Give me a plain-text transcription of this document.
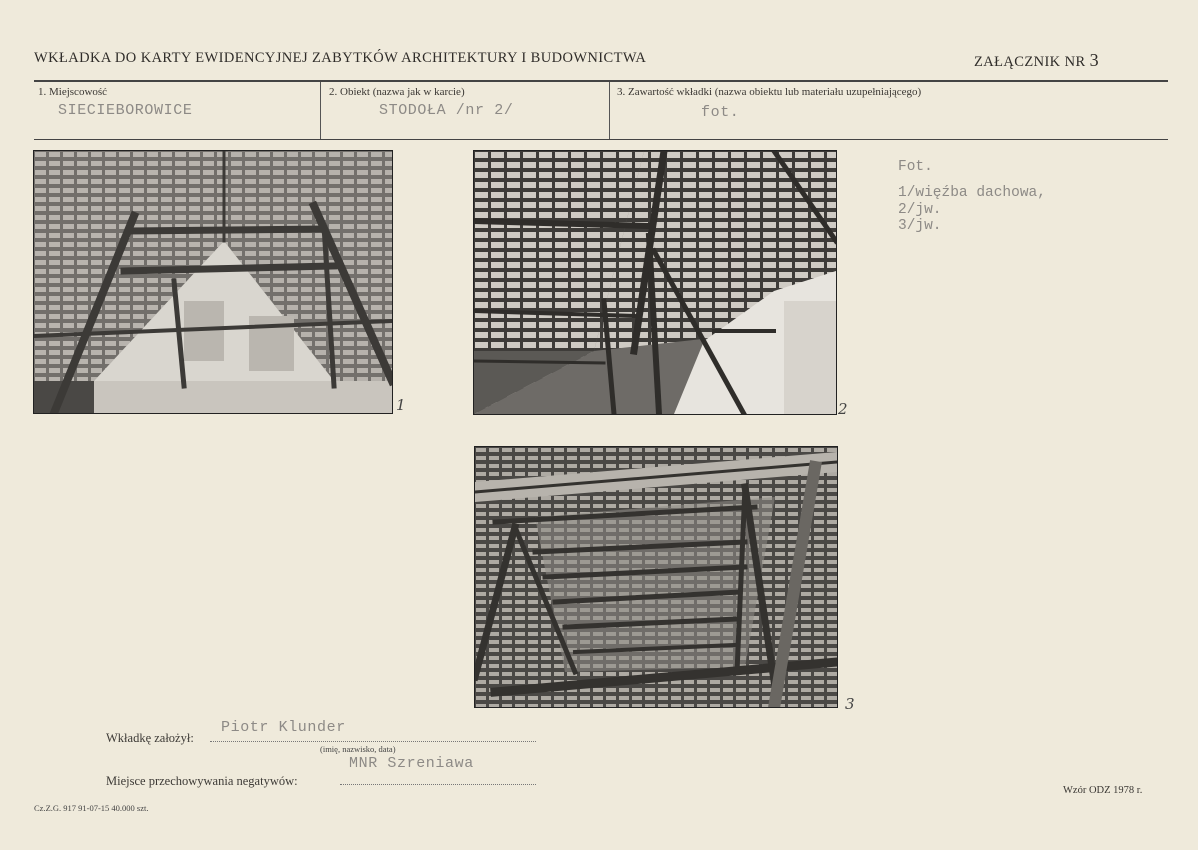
WKŁADKA DO KARTY EWIDENCYJNEJ ZABYTKÓW ARCHITEKTURY I BUDOWNICTWA	ZAŁĄCZNIK NR 3
1. Miejscowość
SIECIEBOROWICE
2. Obiekt (nazwa jak w karcie)
STODOŁA /nr 2/
3. Zawartość wkładki (nazwa obiektu lub materiału uzupełniającego)
fot.
1	2
3
Fot.
1/więźba dachowa,
2/jw.
3/jw.
Wkładkę założył:
Piotr Klunder
(imię, nazwisko, data)
Miejsce przechowywania negatywów:
MNR Szreniawa
Cz.Z.G. 917 91-07-15 40.000 szt.
Wzór ODZ 1978 r.
